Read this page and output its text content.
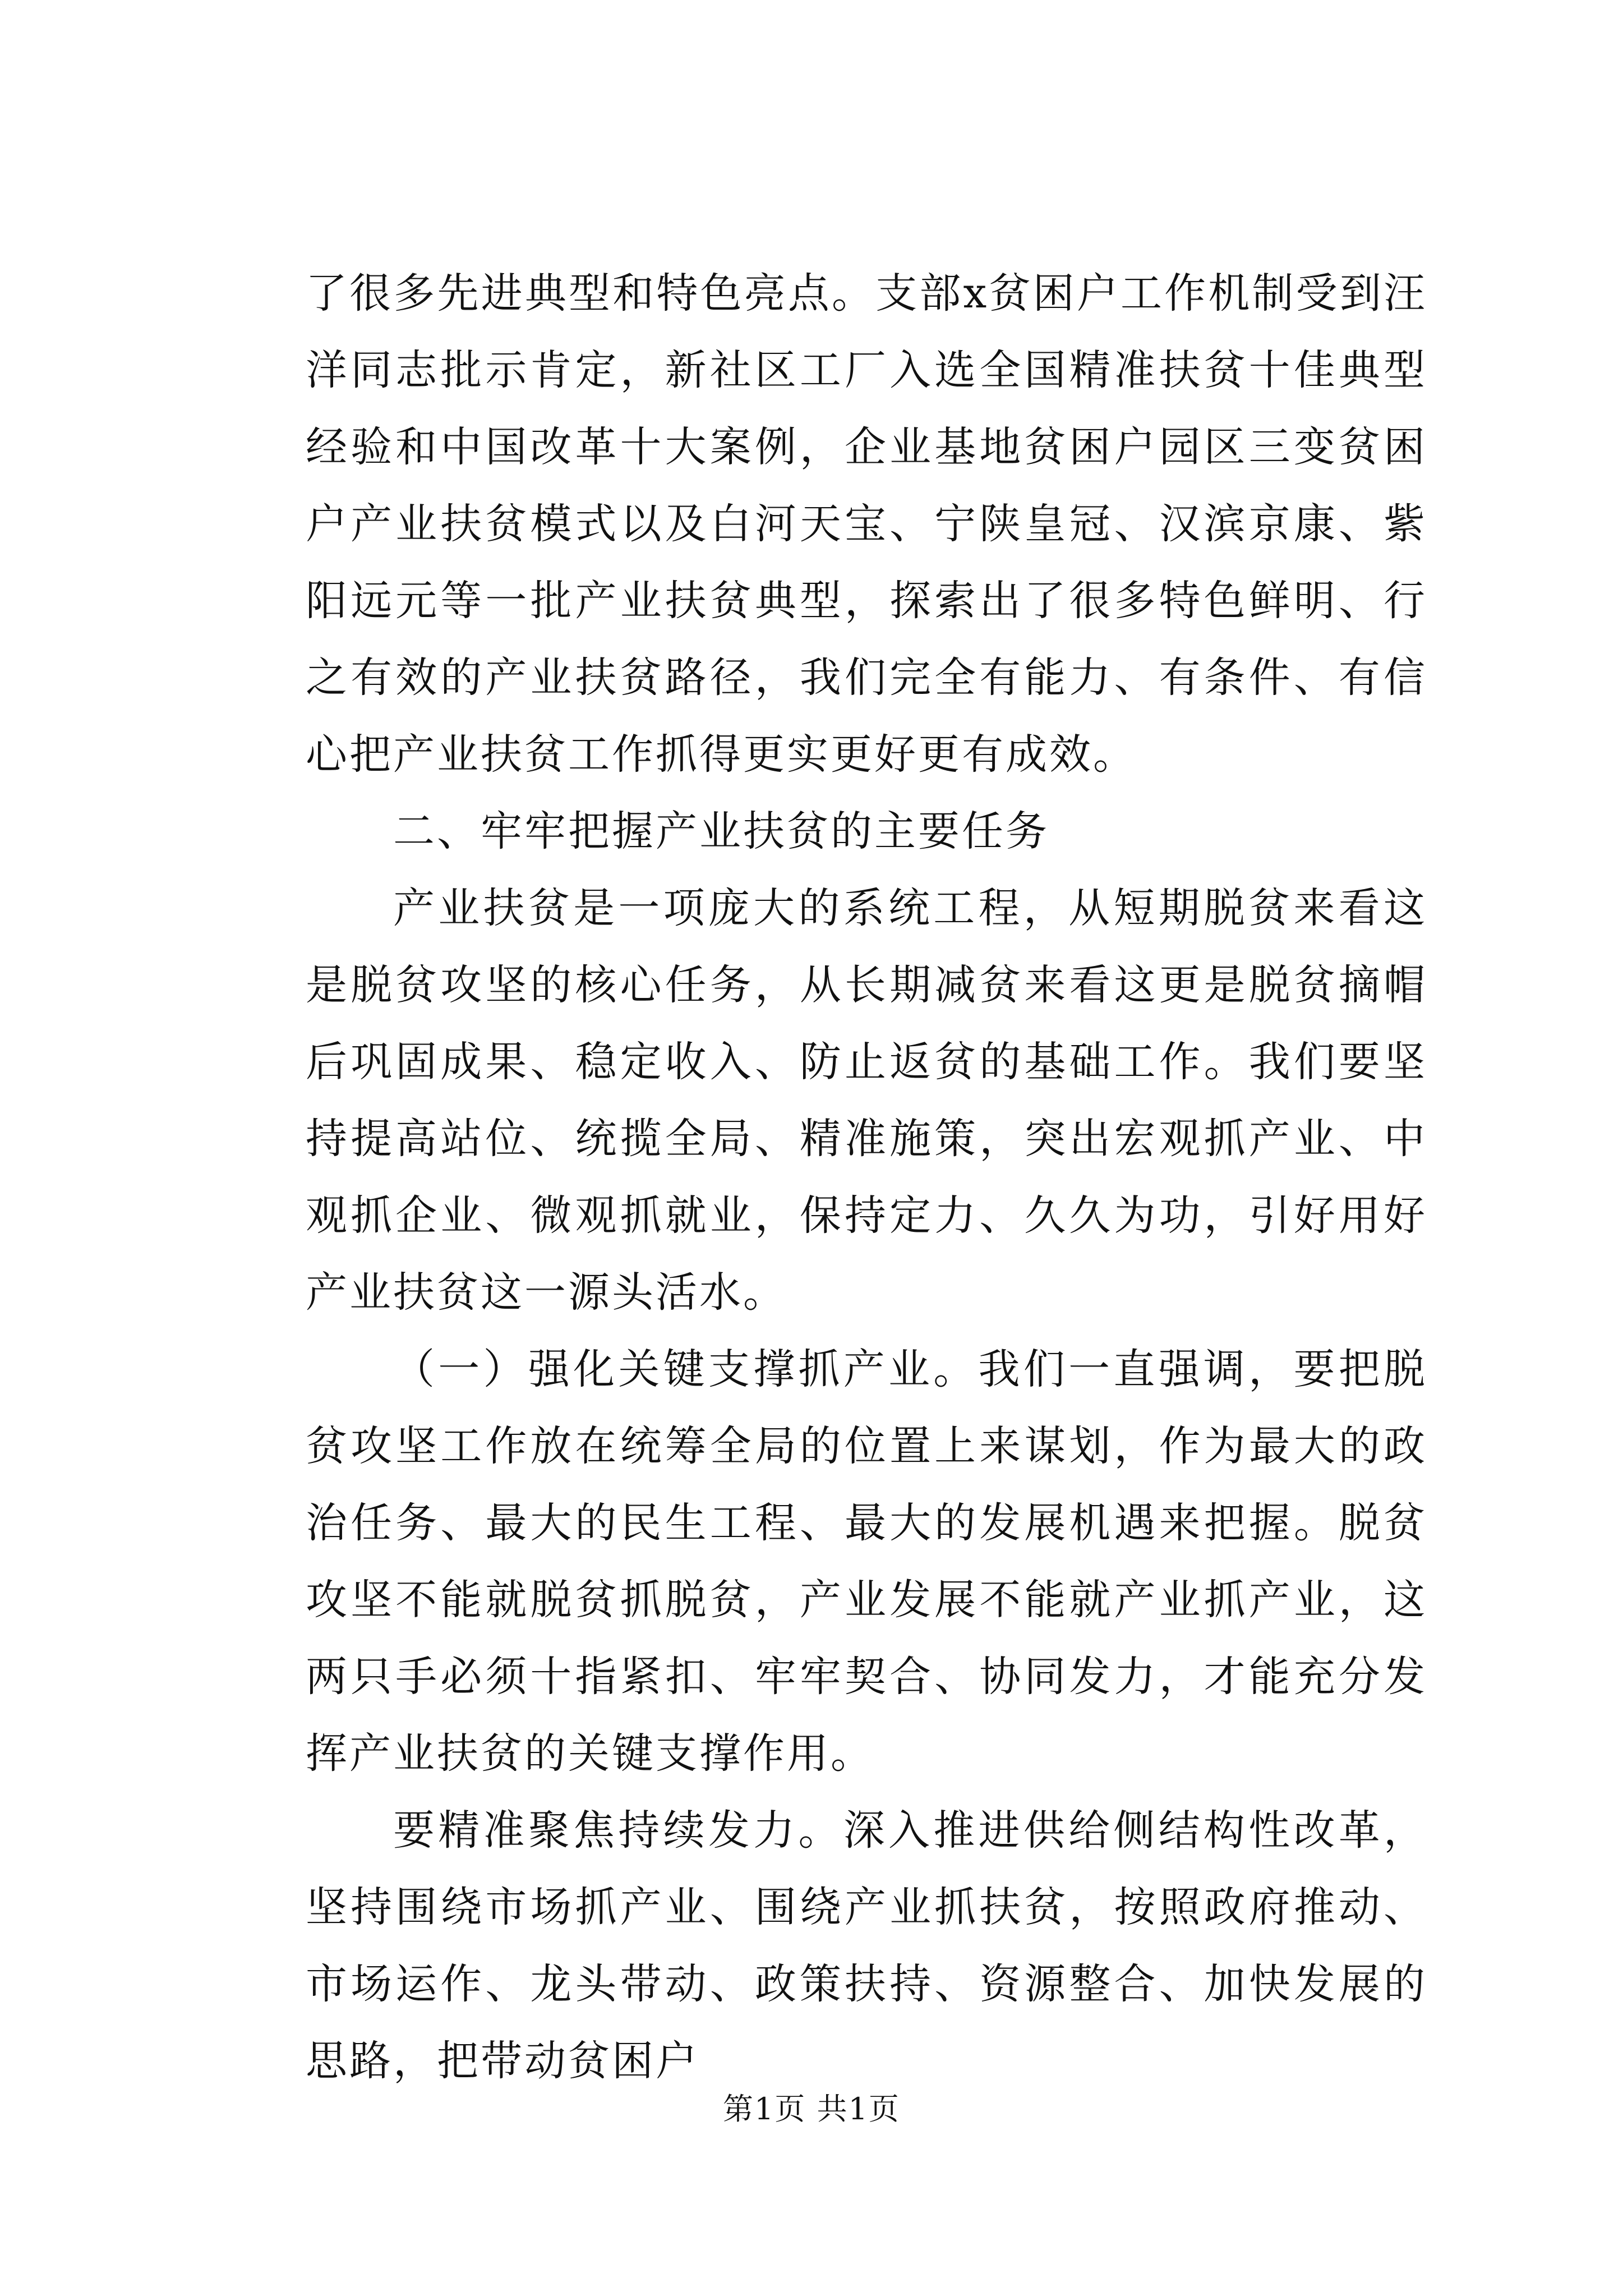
了很多先进典型和特色亮点。支部x贫困户工作机制受到汪洋同志批示肯定，新社区工厂入选全国精准扶贫十佳典型经验和中国改革十大案例，企业基地贫困户园区三变贫困户产业扶贫模式以及白河天宝、宁陕皇冠、汉滨京康、紫阳远元等一批产业扶贫典型，探索出了很多特色鲜明、行之有效的产业扶贫路径，我们完全有能力、有条件、有信心把产业扶贫工作抓得更实更好更有成效。

二、牢牢把握产业扶贫的主要任务

产业扶贫是一项庞大的系统工程，从短期脱贫来看这是脱贫攻坚的核心任务，从长期减贫来看这更是脱贫摘帽后巩固成果、稳定收入、防止返贫的基础工作。我们要坚持提高站位、统揽全局、精准施策，突出宏观抓产业、中观抓企业、微观抓就业，保持定力、久久为功，引好用好产业扶贫这一源头活水。

（一）强化关键支撑抓产业。我们一直强调，要把脱贫攻坚工作放在统筹全局的位置上来谋划，作为最大的政治任务、最大的民生工程、最大的发展机遇来把握。脱贫攻坚不能就脱贫抓脱贫，产业发展不能就产业抓产业，这两只手必须十指紧扣、牢牢契合、协同发力，才能充分发挥产业扶贫的关键支撑作用。

要精准聚焦持续发力。深入推进供给侧结构性改革，坚持围绕市场抓产业、围绕产业抓扶贫，按照政府推动、市场运作、龙头带动、政策扶持、资源整合、加快发展的思路，把带动贫困户

第1页 共1页
